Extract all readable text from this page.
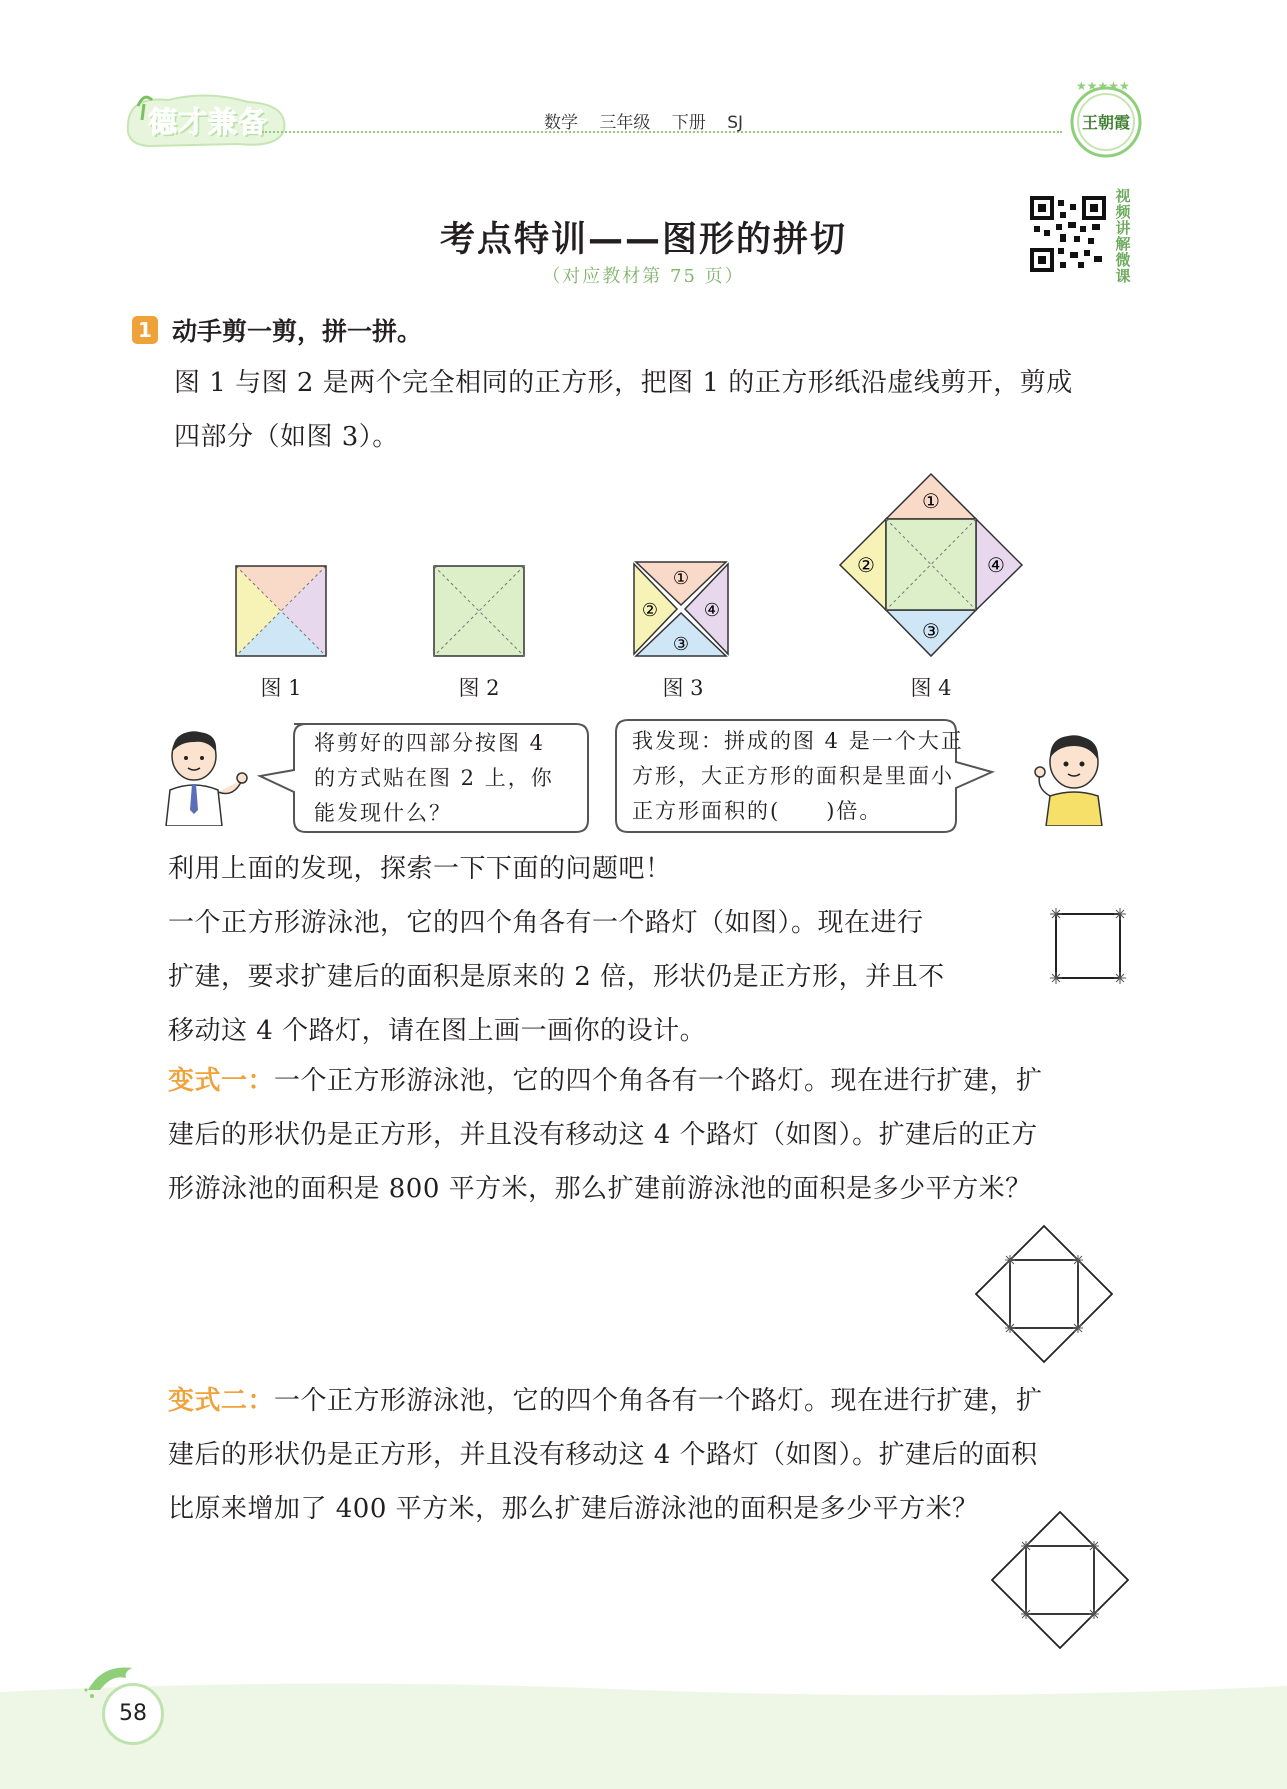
德才兼备	数学 三年级 下册 SJ
★★★★★
王朝霞
考点特训——图形的拼切
（对应教材第 75 页）
视频讲解微课
1 动手剪一剪，拼一拼。
图 1 与图 2 是两个完全相同的正方形，把图 1 的正方形纸沿虚线剪开，剪成
四部分（如图 3）。
图 1	图 2
①
②
③
④
图 3
①
②
③
④
图 4
将剪好的四部分按图 4
的方式贴在图 2 上，你
能发现什么？
我发现：拼成的图 4 是一个大正
方形，大正方形的面积是里面小
正方形面积的(　　)倍。
利用上面的发现，探索一下下面的问题吧！
一个正方形游泳池，它的四个角各有一个路灯（如图）。现在进行
扩建，要求扩建后的面积是原来的 2 倍，形状仍是正方形，并且不
移动这 4 个路灯，请在图上画一画你的设计。
变式一：一个正方形游泳池，它的四个角各有一个路灯。现在进行扩建，扩
建后的形状仍是正方形，并且没有移动这 4 个路灯（如图）。扩建后的正方
形游泳池的面积是 800 平方米，那么扩建前游泳池的面积是多少平方米？
变式二：一个正方形游泳池，它的四个角各有一个路灯。现在进行扩建，扩
建后的形状仍是正方形，并且没有移动这 4 个路灯（如图）。扩建后的面积
比原来增加了 400 平方米，那么扩建后游泳池的面积是多少平方米？
58
